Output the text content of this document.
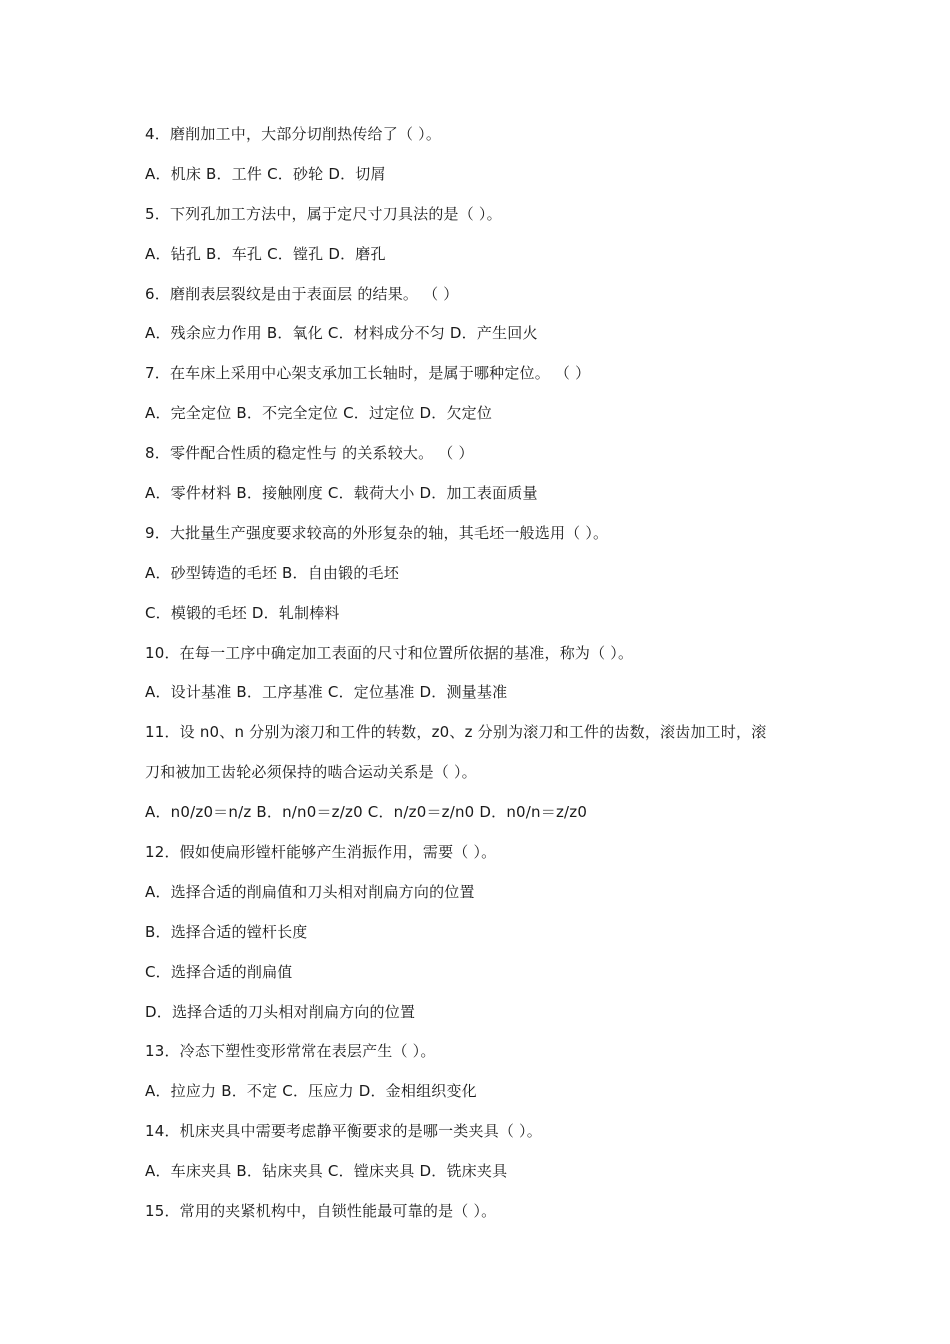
4．磨削加工中，大部分切削热传给了（ ）。
A．机床 B．工件 C．砂轮 D．切屑
5．下列孔加工方法中，属于定尺寸刀具法的是（ ）。
A．钻孔 B．车孔 C．镗孔 D．磨孔
6．磨削表层裂纹是由于表面层 的结果。 （ ）
A．残余应力作用 B．氧化 C．材料成分不匀 D．产生回火
7．在车床上采用中心架支承加工长轴时，是属于哪种定位。 （ ）
A．完全定位 B．不完全定位 C．过定位 D．欠定位
8．零件配合性质的稳定性与 的关系较大。 （ ）
A．零件材料 B．接触刚度 C．载荷大小 D．加工表面质量
9．大批量生产强度要求较高的外形复杂的轴，其毛坯一般选用（ ）。
A．砂型铸造的毛坯 B．自由锻的毛坯
C．模锻的毛坯 D．轧制棒料
10．在每一工序中确定加工表面的尺寸和位置所依据的基准，称为（ ）。
A．设计基准 B．工序基准 C．定位基准 D．测量基准
11．设 n0、n 分别为滚刀和工件的转数，z0、z 分别为滚刀和工件的齿数，滚齿加工时，滚
刀和被加工齿轮必须保持的啮合运动关系是（ ）。
A．n0/z0＝n/z B．n/n0＝z/z0 C．n/z0＝z/n0 D．n0/n＝z/z0
12．假如使扁形镗杆能够产生消振作用，需要（ ）。
A．选择合适的削扁值和刀头相对削扁方向的位置
B．选择合适的镗杆长度
C．选择合适的削扁值
D．选择合适的刀头相对削扁方向的位置
13．冷态下塑性变形常常在表层产生（ ）。
A．拉应力 B．不定 C．压应力 D．金相组织变化
14．机床夹具中需要考虑静平衡要求的是哪一类夹具（ ）。
A．车床夹具 B．钻床夹具 C．镗床夹具 D．铣床夹具
15．常用的夹紧机构中，自锁性能最可靠的是（ ）。
